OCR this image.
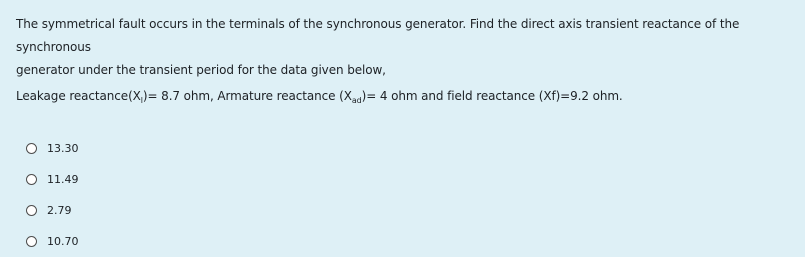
The symmetrical fault occurs in the terminals of the synchronous generator. Find the direct axis transient reactance of the synchronous

generator under the transient period for the data given below,

Leakage $reactance(X_l)= 8.7$ ohm, Armature reactance $(X_{ad})= 4$ ohm and field reactance (Xf)=9.2 ohm.

13.30
11.49
2.79
10.70
